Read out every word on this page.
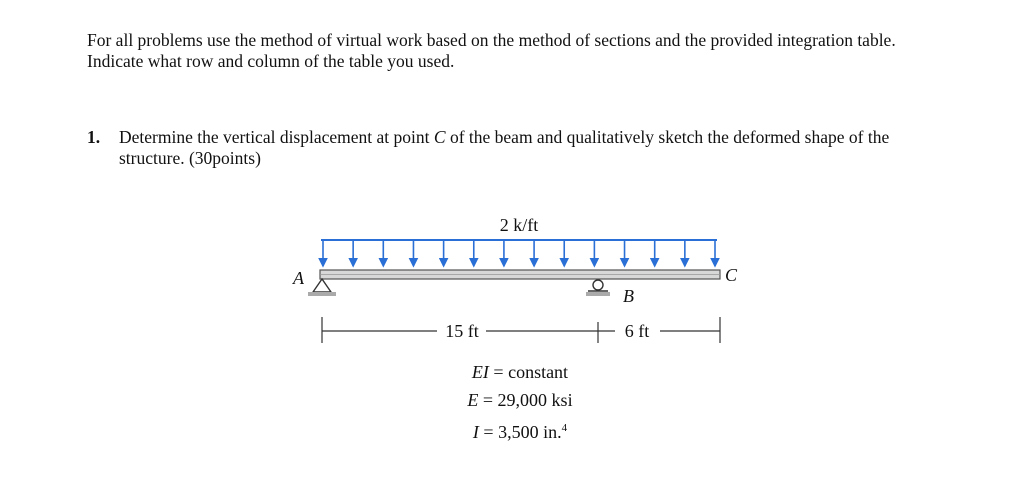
For all problems use the method of virtual work based on the method of sections and the provided integration table.
Indicate what row and column of the table you used.
1. Determine the vertical displacement at point C of the beam and qualitatively sketch the deformed shape of the
structure. (30points)
2 k/ft
A
B
C
15 ft	6 ft
EI = constant
E = 29,000 ksi
I = 3,500 in.$^4$
